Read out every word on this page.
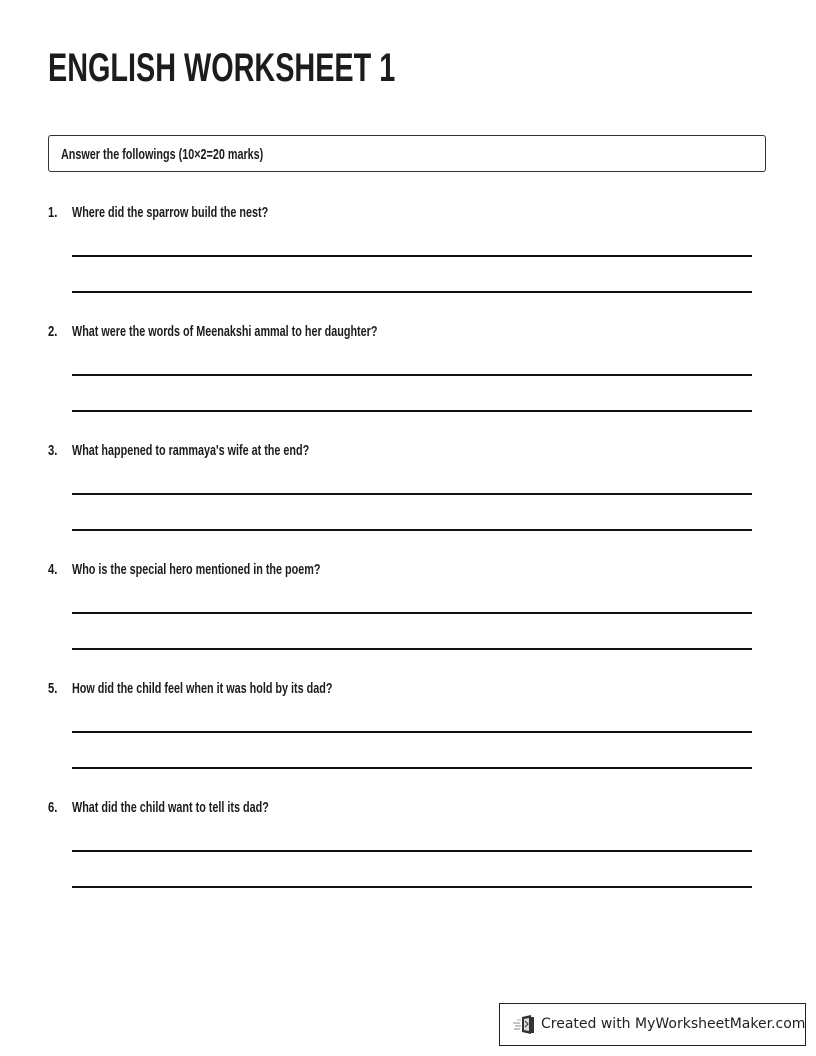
ENGLISH WORKSHEET 1
Answer the followings (10×2=20 marks)
1. Where did the sparrow build the nest?
2. What were the words of Meenakshi ammal to her daughter?
3. What happened to rammaya's wife at the end?
4. Who is the special hero mentioned in the poem?
5. How did the child feel when it was hold by its dad?
6. What did the child want to tell its dad?
Created with MyWorksheetMaker.com
